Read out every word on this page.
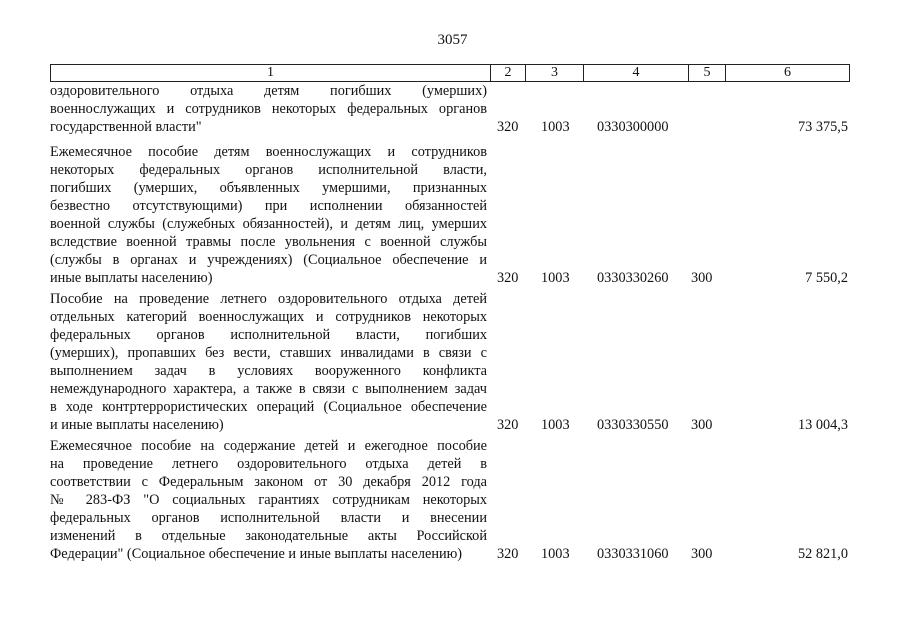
3057
1	2	3	4	5	6
оздоровительного отдыха детям погибших (умерших)
военнослужащих и сотрудников некоторых федеральных органов
государственной власти"	320 1003 0330300000	73 375,5
Ежемесячное пособие детям военнослужащих и сотрудников
некоторых федеральных органов исполнительной власти,
погибших (умерших, объявленных умершими, признанных
безвестно отсутствующими) при исполнении обязанностей
военной службы (служебных обязанностей), и детям лиц, умерших
вследствие военной травмы после увольнения с военной службы
(службы в органах и учреждениях) (Социальное обеспечение и
иные выплаты населению)	320 1003 0330330260 300	7 550,2
Пособие на проведение летнего оздоровительного отдыха детей
отдельных категорий военнослужащих и сотрудников некоторых
федеральных органов исполнительной власти, погибших
(умерших), пропавших без вести, ставших инвалидами в связи с
выполнением задач в условиях вооруженного конфликта
немеждународного характера, а также в связи с выполнением задач
в ходе контртеррористических операций (Социальное обеспечение
и иные выплаты населению)	320 1003 0330330550 300	13 004,3
Ежемесячное пособие на содержание детей и ежегодное пособие
на проведение летнего оздоровительного отдыха детей в
соответствии с Федеральным законом от 30 декабря 2012 года
№ 283-ФЗ "О социальных гарантиях сотрудникам некоторых
федеральных органов исполнительной власти и внесении
изменений в отдельные законодательные акты Российской
Федерации" (Социальное обеспечение и иные выплаты населению)	320 1003 0330331060 300	52 821,0
